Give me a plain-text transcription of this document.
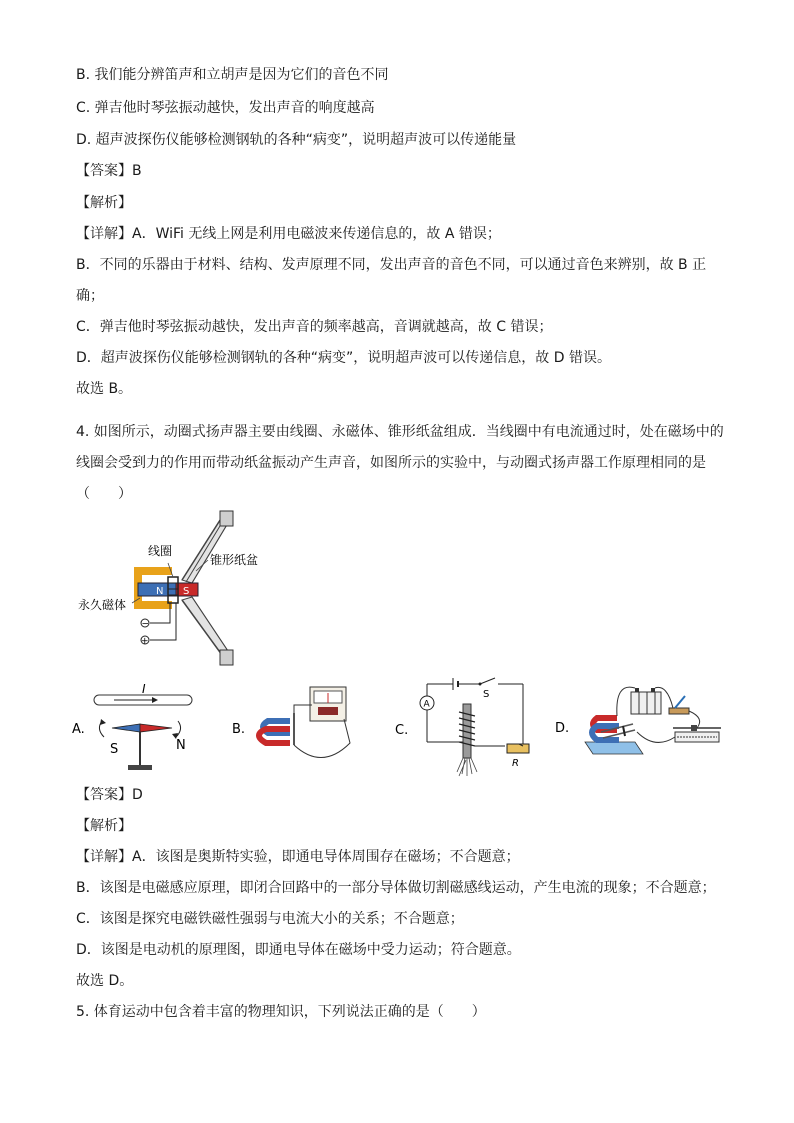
B. 我们能分辨笛声和立胡声是因为它们的音色不同
C. 弹吉他时琴弦振动越快，发出声音的响度越高
D. 超声波探伤仪能够检测钢轨的各种“病变”，说明超声波可以传递能量
【答案】B
【解析】
【详解】A．WiFi 无线上网是利用电磁波来传递信息的，故 A 错误；
B．不同的乐器由于材料、结构、发声原理不同，发出声音的音色不同，可以通过音色来辨别，故 B 正
确；
C．弹吉他时琴弦振动越快，发出声音的频率越高，音调就越高，故 C 错误；
D．超声波探伤仪能够检测钢轨的各种“病变”，说明超声波可以传递信息，故 D 错误。
故选 B。
4. 如图所示，动圈式扬声器主要由线圈、永磁体、锥形纸盆组成．当线圈中有电流通过时，处在磁场中的
线圈会受到力的作用而带动纸盆振动产生声音，如图所示的实验中，与动圈式扬声器工作原理相同的是
（　　）
N S
−
+
线圈
锥形纸盆
永久磁体
A.
I
S	N
B.	C.
S
A
R
D.
【答案】D
【解析】
【详解】A．该图是奥斯特实验，即通电导体周围存在磁场；不合题意；
B．该图是电磁感应原理，即闭合回路中的一部分导体做切割磁感线运动，产生电流的现象；不合题意；
C．该图是探究电磁铁磁性强弱与电流大小的关系；不合题意；
D．该图是电动机的原理图，即通电导体在磁场中受力运动；符合题意。
故选 D。
5. 体育运动中包含着丰富的物理知识，下列说法正确的是（　　）
